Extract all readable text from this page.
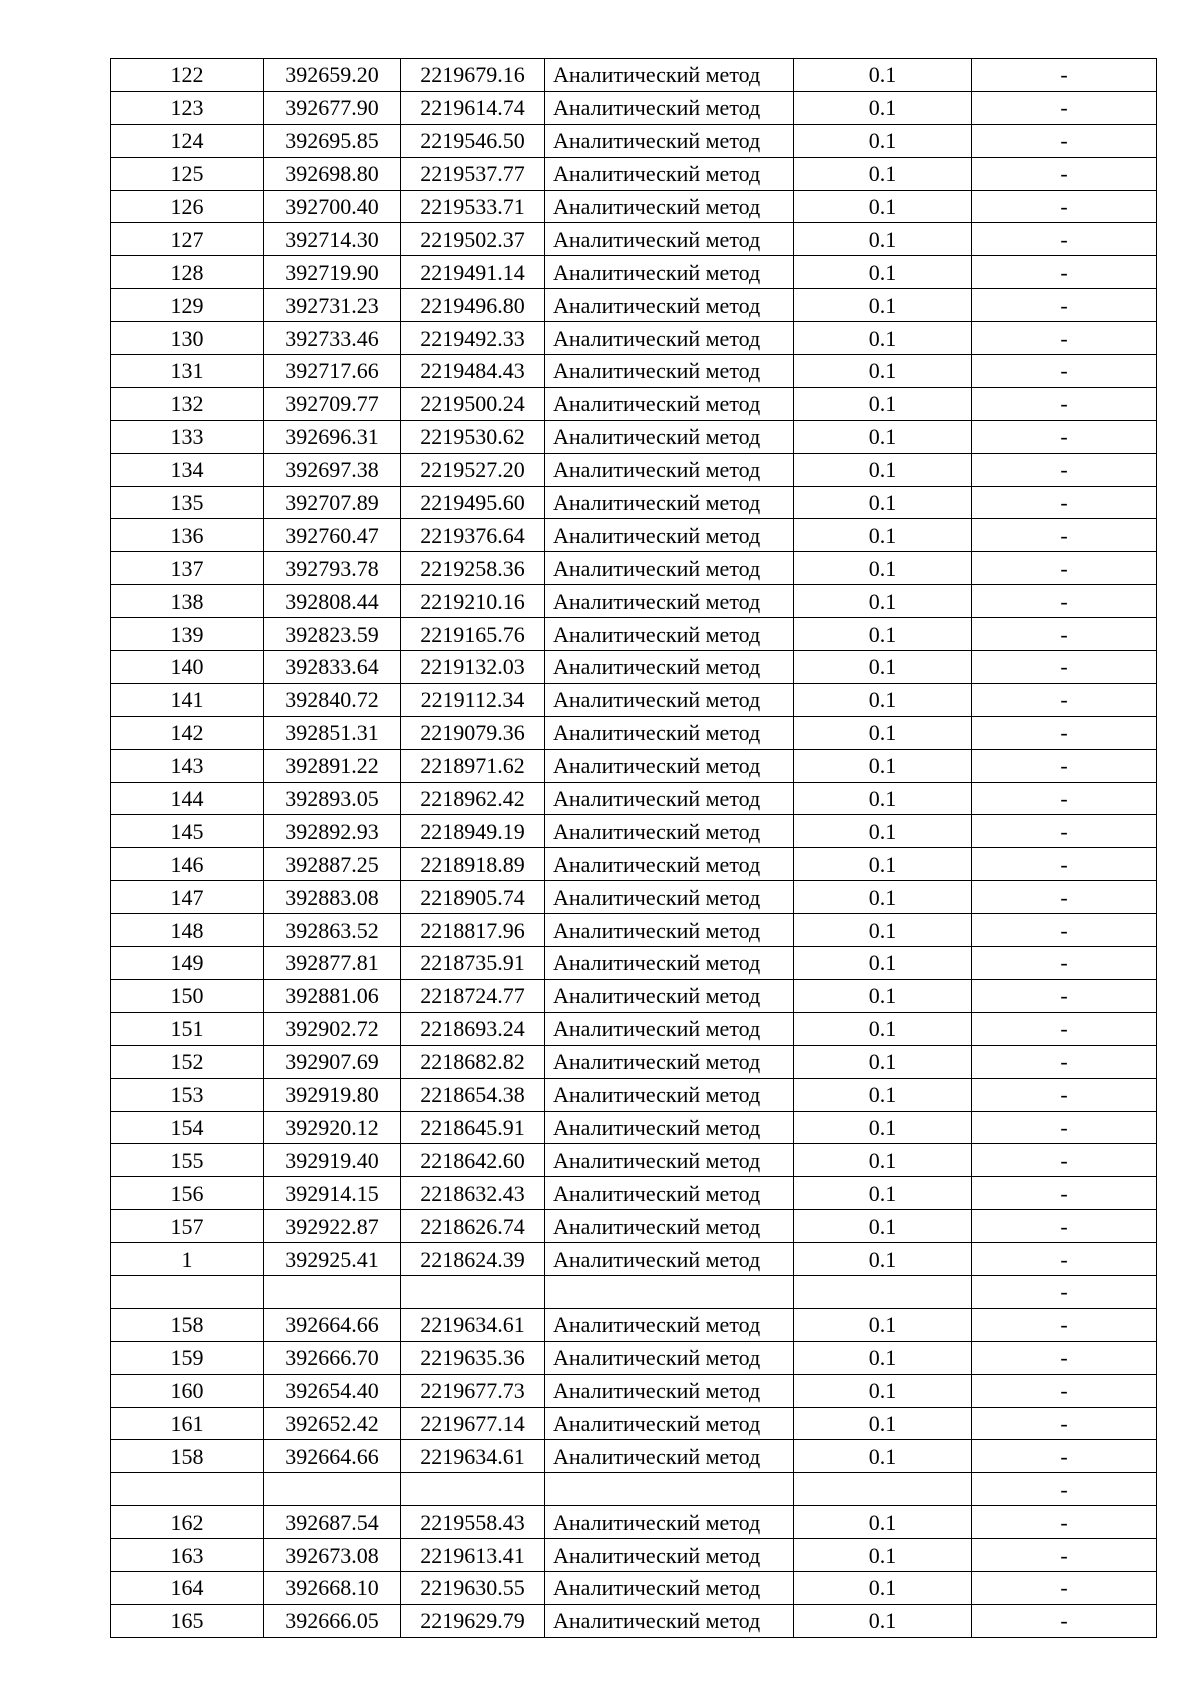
122	392659.20	2219679.16	Аналитический метод	0.1	-
123	392677.90	2219614.74	Аналитический метод	0.1	-
124	392695.85	2219546.50	Аналитический метод	0.1	-
125	392698.80	2219537.77	Аналитический метод	0.1	-
126	392700.40	2219533.71	Аналитический метод	0.1	-
127	392714.30	2219502.37	Аналитический метод	0.1	-
128	392719.90	2219491.14	Аналитический метод	0.1	-
129	392731.23	2219496.80	Аналитический метод	0.1	-
130	392733.46	2219492.33	Аналитический метод	0.1	-
131	392717.66	2219484.43	Аналитический метод	0.1	-
132	392709.77	2219500.24	Аналитический метод	0.1	-
133	392696.31	2219530.62	Аналитический метод	0.1	-
134	392697.38	2219527.20	Аналитический метод	0.1	-
135	392707.89	2219495.60	Аналитический метод	0.1	-
136	392760.47	2219376.64	Аналитический метод	0.1	-
137	392793.78	2219258.36	Аналитический метод	0.1	-
138	392808.44	2219210.16	Аналитический метод	0.1	-
139	392823.59	2219165.76	Аналитический метод	0.1	-
140	392833.64	2219132.03	Аналитический метод	0.1	-
141	392840.72	2219112.34	Аналитический метод	0.1	-
142	392851.31	2219079.36	Аналитический метод	0.1	-
143	392891.22	2218971.62	Аналитический метод	0.1	-
144	392893.05	2218962.42	Аналитический метод	0.1	-
145	392892.93	2218949.19	Аналитический метод	0.1	-
146	392887.25	2218918.89	Аналитический метод	0.1	-
147	392883.08	2218905.74	Аналитический метод	0.1	-
148	392863.52	2218817.96	Аналитический метод	0.1	-
149	392877.81	2218735.91	Аналитический метод	0.1	-
150	392881.06	2218724.77	Аналитический метод	0.1	-
151	392902.72	2218693.24	Аналитический метод	0.1	-
152	392907.69	2218682.82	Аналитический метод	0.1	-
153	392919.80	2218654.38	Аналитический метод	0.1	-
154	392920.12	2218645.91	Аналитический метод	0.1	-
155	392919.40	2218642.60	Аналитический метод	0.1	-
156	392914.15	2218632.43	Аналитический метод	0.1	-
157	392922.87	2218626.74	Аналитический метод	0.1	-
1	392925.41	2218624.39	Аналитический метод	0.1	-
					-
158	392664.66	2219634.61	Аналитический метод	0.1	-
159	392666.70	2219635.36	Аналитический метод	0.1	-
160	392654.40	2219677.73	Аналитический метод	0.1	-
161	392652.42	2219677.14	Аналитический метод	0.1	-
158	392664.66	2219634.61	Аналитический метод	0.1	-
					-
162	392687.54	2219558.43	Аналитический метод	0.1	-
163	392673.08	2219613.41	Аналитический метод	0.1	-
164	392668.10	2219630.55	Аналитический метод	0.1	-
165	392666.05	2219629.79	Аналитический метод	0.1	-
